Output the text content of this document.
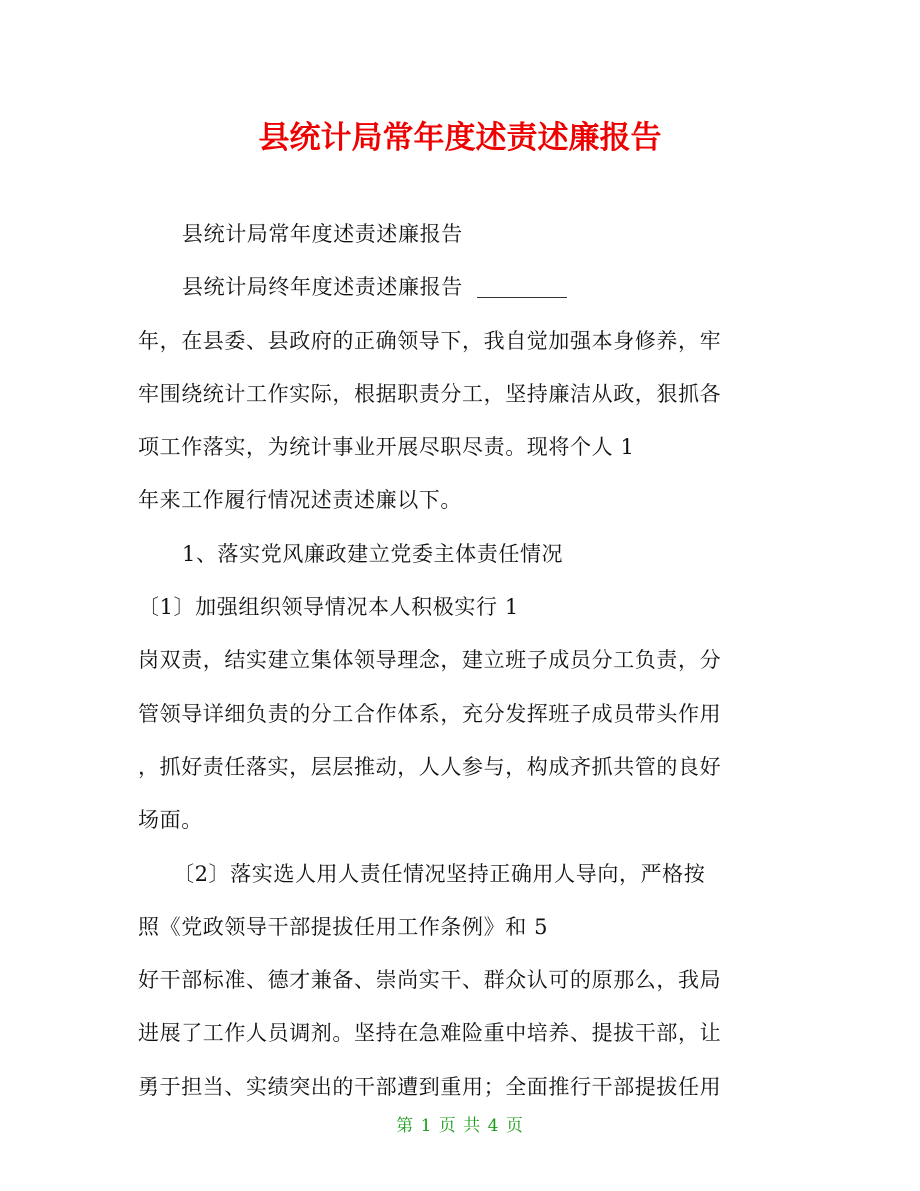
县统计局常年度述责述廉报告
县统计局常年度述责述廉报告
县统计局终年度述责述廉报告
年，在县委、县政府的正确领导下，我自觉加强本身修养，牢
牢围绕统计工作实际，根据职责分工，坚持廉洁从政，狠抓各
项工作落实，为统计事业开展尽职尽责。现将个人 1
年来工作履行情况述责述廉以下。
1、落实党风廉政建立党委主体责任情况
〔1〕加强组织领导情况本人积极实行 1
岗双责，结实建立集体领导理念，建立班子成员分工负责，分
管领导详细负责的分工合作体系，充分发挥班子成员带头作用
，抓好责任落实，层层推动，人人参与，构成齐抓共管的良好
场面。
〔2〕落实选人用人责任情况坚持正确用人导向，严格按
照《党政领导干部提拔任用工作条例》和 5
好干部标准、德才兼备、崇尚实干、群众认可的原那么，我局
进展了工作人员调剂。坚持在急难险重中培养、提拔干部，让
勇于担当、实绩突出的干部遭到重用；全面推行干部提拔任用
第 1 页 共 4 页
